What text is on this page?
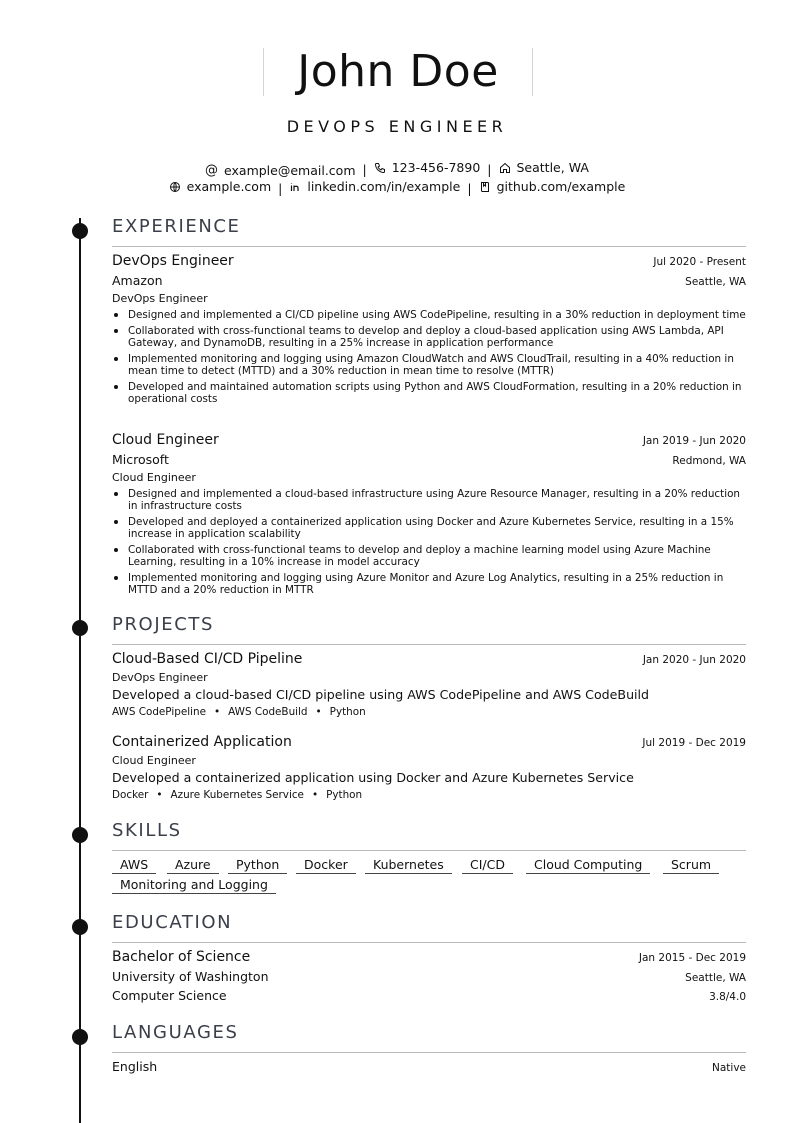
John Doe
DEVOPS ENGINEER
@ example@email.com | 123-456-7890 | Seattle, WA
example.com | linkedin.com/in/example | github.com/example
EXPERIENCE
DevOps Engineer	Jul 2020 - Present
Amazon	Seattle, WA
DevOps Engineer
Designed and implemented a CI/CD pipeline using AWS CodePipeline, resulting in a 30% reduction in deployment time
Collaborated with cross-functional teams to develop and deploy a cloud-based application using AWS Lambda, API Gateway, and DynamoDB, resulting in a 25% increase in application performance
Implemented monitoring and logging using Amazon CloudWatch and AWS CloudTrail, resulting in a 40% reduction in mean time to detect (MTTD) and a 30% reduction in mean time to resolve (MTTR)
Developed and maintained automation scripts using Python and AWS CloudFormation, resulting in a 20% reduction in operational costs
Cloud Engineer	Jan 2019 - Jun 2020
Microsoft	Redmond, WA
Cloud Engineer
Designed and implemented a cloud-based infrastructure using Azure Resource Manager, resulting in a 20% reduction in infrastructure costs
Developed and deployed a containerized application using Docker and Azure Kubernetes Service, resulting in a 15% increase in application scalability
Collaborated with cross-functional teams to develop and deploy a machine learning model using Azure Machine Learning, resulting in a 10% increase in model accuracy
Implemented monitoring and logging using Azure Monitor and Azure Log Analytics, resulting in a 25% reduction in MTTD and a 20% reduction in MTTR
PROJECTS
Cloud-Based CI/CD Pipeline	Jan 2020 - Jun 2020
DevOps Engineer
Developed a cloud-based CI/CD pipeline using AWS CodePipeline and AWS CodeBuild
AWS CodePipeline • AWS CodeBuild • Python
Containerized Application	Jul 2019 - Dec 2019
Cloud Engineer
Developed a containerized application using Docker and Azure Kubernetes Service
Docker • Azure Kubernetes Service • Python
SKILLS
AWS	Azure	Python	Docker	Kubernetes	CI/CD	Cloud Computing	Scrum
Monitoring and Logging
EDUCATION
Bachelor of Science	Jan 2015 - Dec 2019
University of Washington	Seattle, WA
Computer Science	3.8/4.0
LANGUAGES
English	Native
